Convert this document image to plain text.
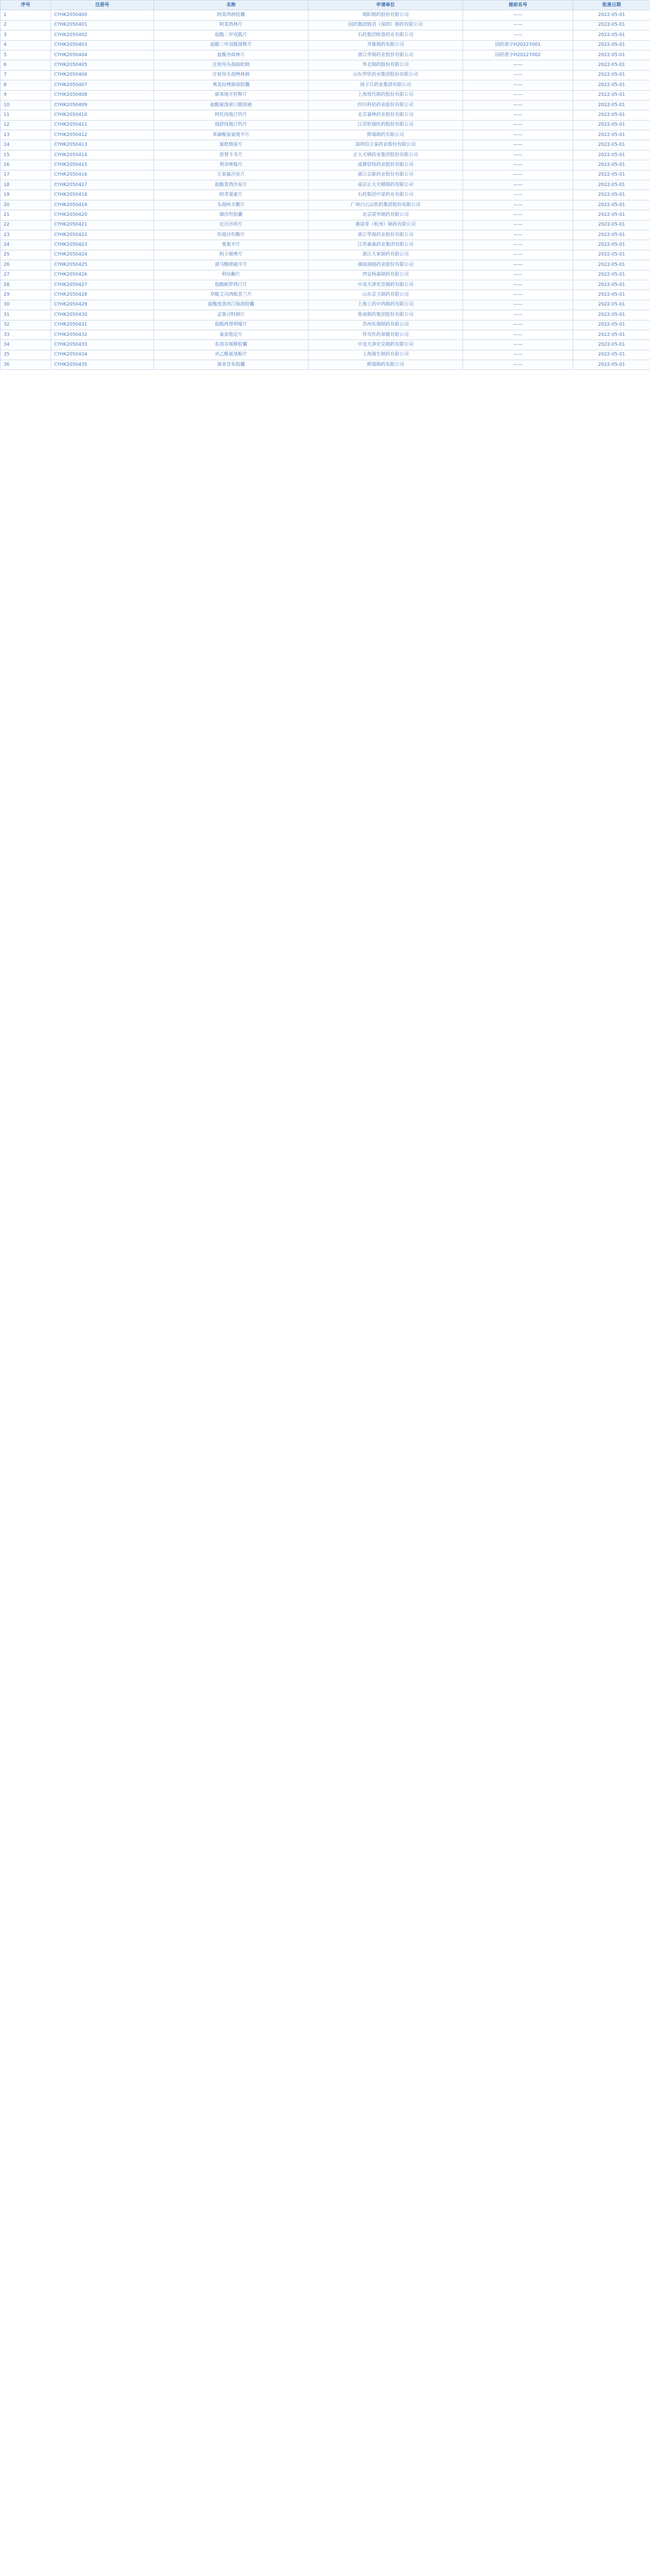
序号	注册号	名称	申请单位	提前名号	批准日期
1	CYHK2050400	阿莫西林胶囊	瑞阳制药股份有限公司	——	2022-05-01
2	CYHK2050401	阿莫西林片	国药集团致君（深圳）制药有限公司	——	2022-05-01
3	CYHK2050402	盐酸二甲双胍片	石药集团欧意药业有限公司	——	2022-05-01
4	CYHK2050403	盐酸二甲双胍缓释片	齐鲁制药有限公司	国药准字H20227001	2022-05-01
5	CYHK2050404	盐酸舍曲林片	浙江华海药业股份有限公司	国药准字H20227002	2022-05-01
6	CYHK2050405	注射用头孢曲松钠	华北制药股份有限公司	——	2022-05-01
7	CYHK2050406	注射用头孢唑林钠	山东罗欣药业集团股份有限公司	——	2022-05-01
8	CYHK2050407	奥美拉唑肠溶胶囊	扬子江药业集团有限公司	——	2022-05-01
9	CYHK2050408	硝苯地平控释片	上海现代制药股份有限公司	——	2022-05-01
10	CYHK2050409	盐酸氨溴索口服溶液	四川科伦药业股份有限公司	——	2022-05-01
11	CYHK2050410	阿托伐他汀钙片	北京嘉林药业股份有限公司	——	2022-05-01
12	CYHK2050411	瑞舒伐他汀钙片	江苏恒瑞医药股份有限公司	——	2022-05-01
13	CYHK2050412	苯磺酸氨氯地平片	辉瑞制药有限公司	——	2022-05-01
14	CYHK2050413	氯吡格雷片	深圳信立泰药业股份有限公司	——	2022-05-01
15	CYHK2050414	恩替卡韦片	正大天晴药业集团股份有限公司	——	2022-05-01
16	CYHK2050415	利奈唑胺片	成都倍特药业股份有限公司	——	2022-05-01
17	CYHK2050416	左氧氟沙星片	浙江京新药业股份有限公司	——	2022-05-01
18	CYHK2050417	盐酸莫西沙星片	南京正大天晴制药有限公司	——	2022-05-01
19	CYHK2050418	阿奇霉素片	石药集团中诺药业有限公司	——	2022-05-01
20	CYHK2050419	头孢呋辛酯片	广州白云山医药集团股份有限公司	——	2022-05-01
21	CYHK2050420	缬沙坦胶囊	北京诺华制药有限公司	——	2022-05-01
22	CYHK2050421	厄贝沙坦片	赛诺菲（杭州）制药有限公司	——	2022-05-01
23	CYHK2050422	坎地沙坦酯片	浙江华海药业股份有限公司	——	2022-05-01
24	CYHK2050423	奥氮平片	江苏豪森药业集团有限公司	——	2022-05-01
25	CYHK2050424	阿立哌唑片	浙江大冢制药有限公司	——	2022-05-01
26	CYHK2050425	富马酸喹硫平片	湖南洞庭药业股份有限公司	——	2022-05-01
27	CYHK2050426	利培酮片	西安杨森制药有限公司	——	2022-05-01
28	CYHK2050427	盐酸帕罗西汀片	中美天津史克制药有限公司	——	2022-05-01
29	CYHK2050428	草酸艾司西酞普兰片	山东京卫制药有限公司	——	2022-05-01
30	CYHK2050429	盐酸度洛西汀肠溶胶囊	上海上药中西制药有限公司	——	2022-05-01
31	CYHK2050430	孟鲁司特钠片	鲁南制药集团股份有限公司	——	2022-05-01
32	CYHK2050431	盐酸西替利嗪片	苏州东瑞制药有限公司	——	2022-05-01
33	CYHK2050432	氯雷他定片	拜耳医药保健有限公司	——	2022-05-01
34	CYHK2050433	布洛芬缓释胶囊	中美天津史克制药有限公司	——	2022-05-01
35	CYHK2050434	对乙酰氨基酚片	上海强生制药有限公司	——	2022-05-01
36	CYHK2050435	塞来昔布胶囊	辉瑞制药有限公司	——	2022-05-01
